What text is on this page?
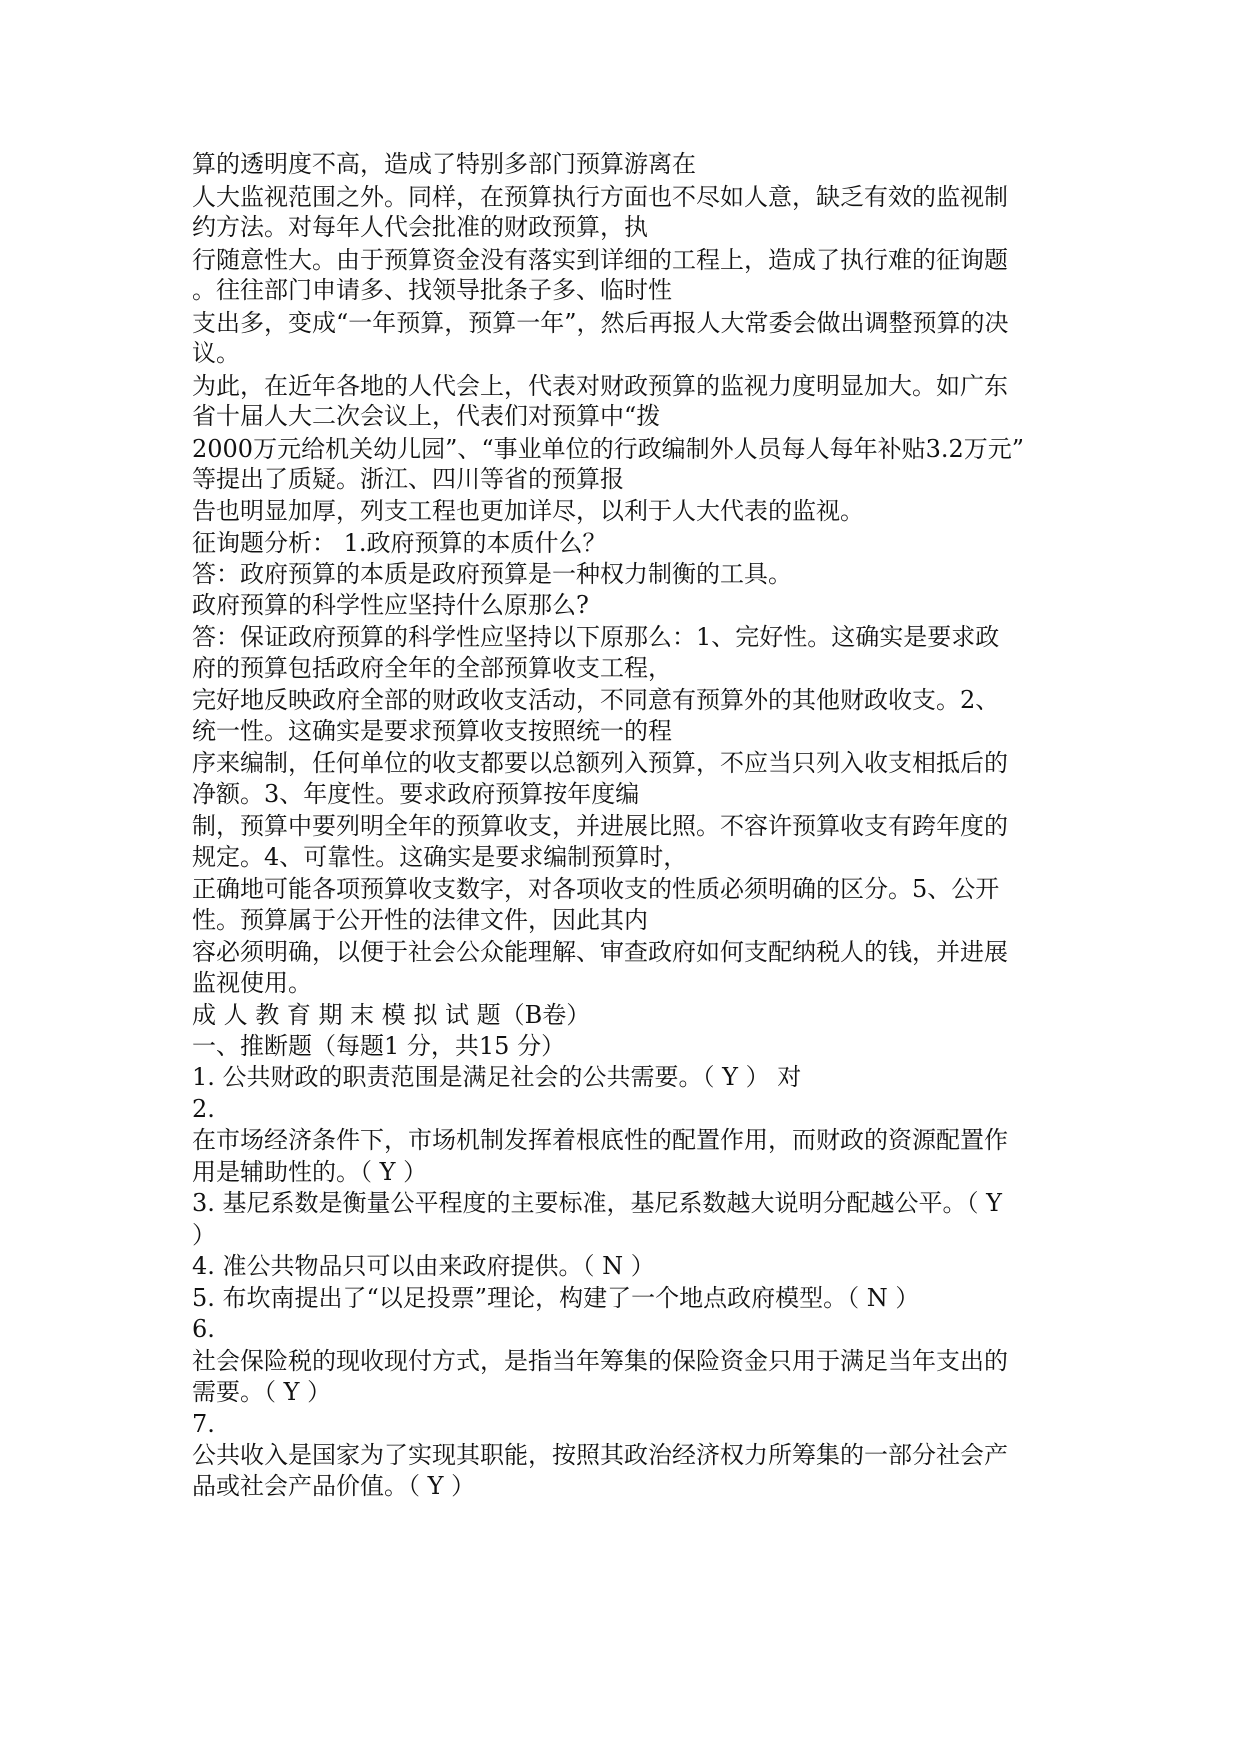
算的透明度不高，造成了特别多部门预算游离在
人大监视范围之外。同样，在预算执行方面也不尽如人意，缺乏有效的监视制
约方法。对每年人代会批准的财政预算，执
行随意性大。由于预算资金没有落实到详细的工程上，造成了执行难的征询题
。往往部门申请多、找领导批条子多、临时性
支出多，变成“一年预算，预算一年”，然后再报人大常委会做出调整预算的决
议。
为此，在近年各地的人代会上，代表对财政预算的监视力度明显加大。如广东
省十届人大二次会议上，代表们对预算中“拨
2000万元给机关幼儿园”、“事业单位的行政编制外人员每人每年补贴3.2万元”
等提出了质疑。浙江、四川等省的预算报
告也明显加厚，列支工程也更加详尽，以利于人大代表的监视。
征询题分析： 1.政府预算的本质什么？
答：政府预算的本质是政府预算是一种权力制衡的工具。
政府预算的科学性应坚持什么原那么?
答：保证政府预算的科学性应坚持以下原那么：1、完好性。这确实是要求政
府的预算包括政府全年的全部预算收支工程，
完好地反映政府全部的财政收支活动，不同意有预算外的其他财政收支。2、
统一性。这确实是要求预算收支按照统一的程
序来编制，任何单位的收支都要以总额列入预算，不应当只列入收支相抵后的
净额。3、年度性。要求政府预算按年度编
制，预算中要列明全年的预算收支，并进展比照。不容许预算收支有跨年度的
规定。4、可靠性。这确实是要求编制预算时，
正确地可能各项预算收支数字，对各项收支的性质必须明确的区分。5、公开
性。预算属于公开性的法律文件，因此其内
容必须明确，以便于社会公众能理解、审查政府如何支配纳税人的钱，并进展
监视使用。
成 人 教 育 期 末 模 拟 试 题（B卷）
一、推断题（每题1 分，共15 分）
1. 公共财政的职责范围是满足社会的公共需要。（ Y ） 对
2.
在市场经济条件下，市场机制发挥着根底性的配置作用，而财政的资源配置作
用是辅助性的。（ Y ）
3. 基尼系数是衡量公平程度的主要标准，基尼系数越大说明分配越公平。（ Y
）
4. 准公共物品只可以由来政府提供。（ N ）
5. 布坎南提出了“以足投票”理论，构建了一个地点政府模型。（ N ）
6.
社会保险税的现收现付方式，是指当年筹集的保险资金只用于满足当年支出的
需要。（ Y ）
7.
公共收入是国家为了实现其职能，按照其政治经济权力所筹集的一部分社会产
品或社会产品价值。（ Y ）
